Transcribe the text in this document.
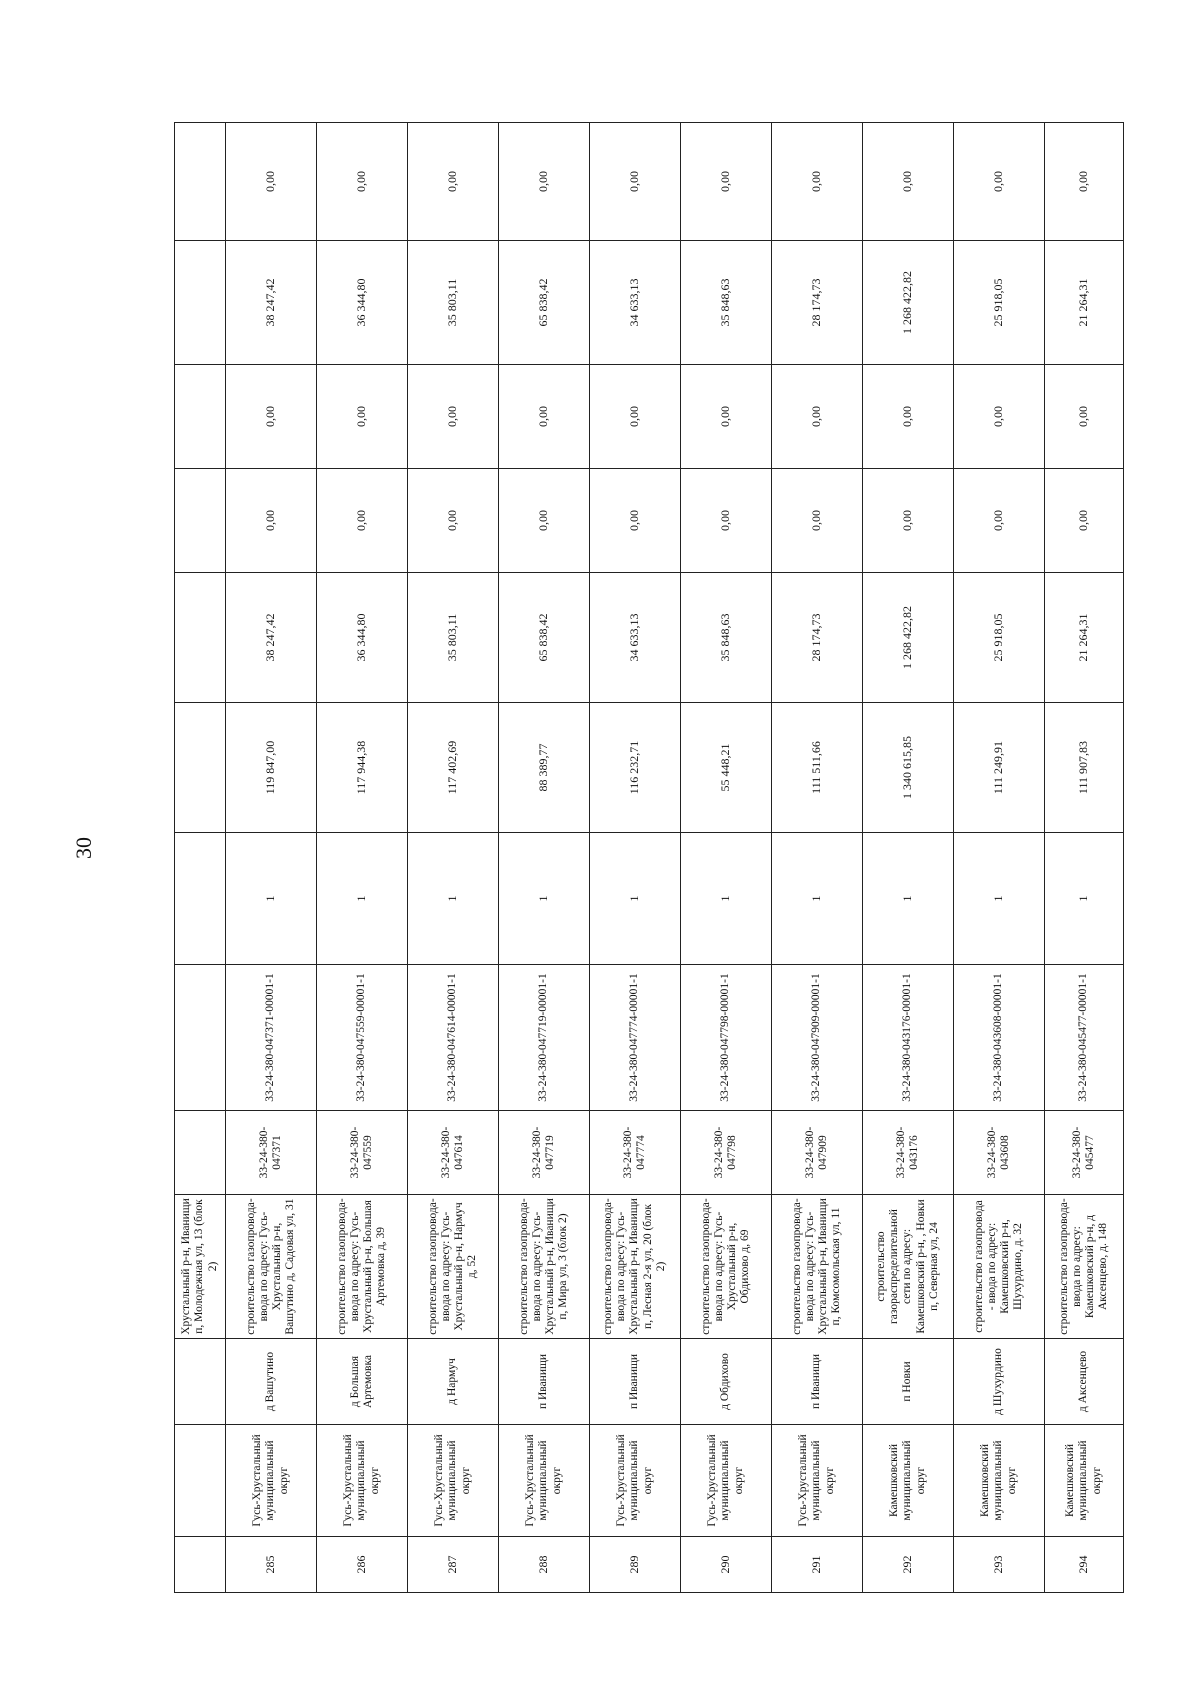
30
			Хрустальный р-н, Иванищи п, Молодежная ул, 13 (блок 2)									
285	Гусь-Хрустальный муниципальный округ	д Вашутино	строительство газопровода-ввода по адресу: Гусь-Хрустальный р-н, Вашутино д, Садовая ул, 31	33-24-380-047371	33-24-380-047371-00001-1	1	119 847,00	38 247,42	0,00	0,00	38 247,42	0,00
286	Гусь-Хрустальный муниципальный округ	д Большая Артемовка	строительство газопровода-ввода по адресу: Гусь-Хрустальный р-н, Большая Артемовка д, 39	33-24-380-047559	33-24-380-047559-00001-1	1	117 944,38	36 344,80	0,00	0,00	36 344,80	0,00
287	Гусь-Хрустальный муниципальный округ	д Нармуч	строительство газопровода-ввода по адресу: Гусь-Хрустальный р-н, Нармуч д, 52	33-24-380-047614	33-24-380-047614-00001-1	1	117 402,69	35 803,11	0,00	0,00	35 803,11	0,00
288	Гусь-Хрустальный муниципальный округ	п Иванищи	строительство газопровода-ввода по адресу: Гусь-Хрустальный р-н, Иванищи п, Мира ул, 3 (блок 2)	33-24-380-047719	33-24-380-047719-00001-1	1	88 389,77	65 838,42	0,00	0,00	65 838,42	0,00
289	Гусь-Хрустальный муниципальный округ	п Иванищи	строительство газопровода-ввода по адресу: Гусь-Хрустальный р-н, Иванищи п, Лесная 2-я ул, 20 (блок 2)	33-24-380-047774	33-24-380-047774-00001-1	1	116 232,71	34 633,13	0,00	0,00	34 633,13	0,00
290	Гусь-Хрустальный муниципальный округ	д Обдихово	строительство газопровода-ввода по адресу: Гусь-Хрустальный р-н, Обдихово д, 69	33-24-380-047798	33-24-380-047798-00001-1	1	55 448,21	35 848,63	0,00	0,00	35 848,63	0,00
291	Гусь-Хрустальный муниципальный округ	п Иванищи	строительство газопровода-ввода по адресу: Гусь-Хрустальный р-н, Иванищи п, Комсомольская ул, 11	33-24-380-047909	33-24-380-047909-00001-1	1	111 511,66	28 174,73	0,00	0,00	28 174,73	0,00
292	Камешковский муниципальный округ	п Новки	строительство газораспределительной сети по адресу: Камешковский р-н, , Новки п, Северная ул, 24	33-24-380-043176	33-24-380-043176-00001-1	1	1 340 615,85	1 268 422,82	0,00	0,00	1 268 422,82	0,00
293	Камешковский муниципальный округ	д Шухурдино	строительство газопровода - ввода по адресу: Камешковский р-н, Шухурдино, д. 32	33-24-380-043608	33-24-380-043608-00001-1	1	111 249,91	25 918,05	0,00	0,00	25 918,05	0,00
294	Камешковский муниципальный округ	д Аксенцево	строительство газопровода-ввода по адресу: Камешковский р-н, д Аксенцево, д. 148	33-24-380-045477	33-24-380-045477-00001-1	1	111 907,83	21 264,31	0,00	0,00	21 264,31	0,00
